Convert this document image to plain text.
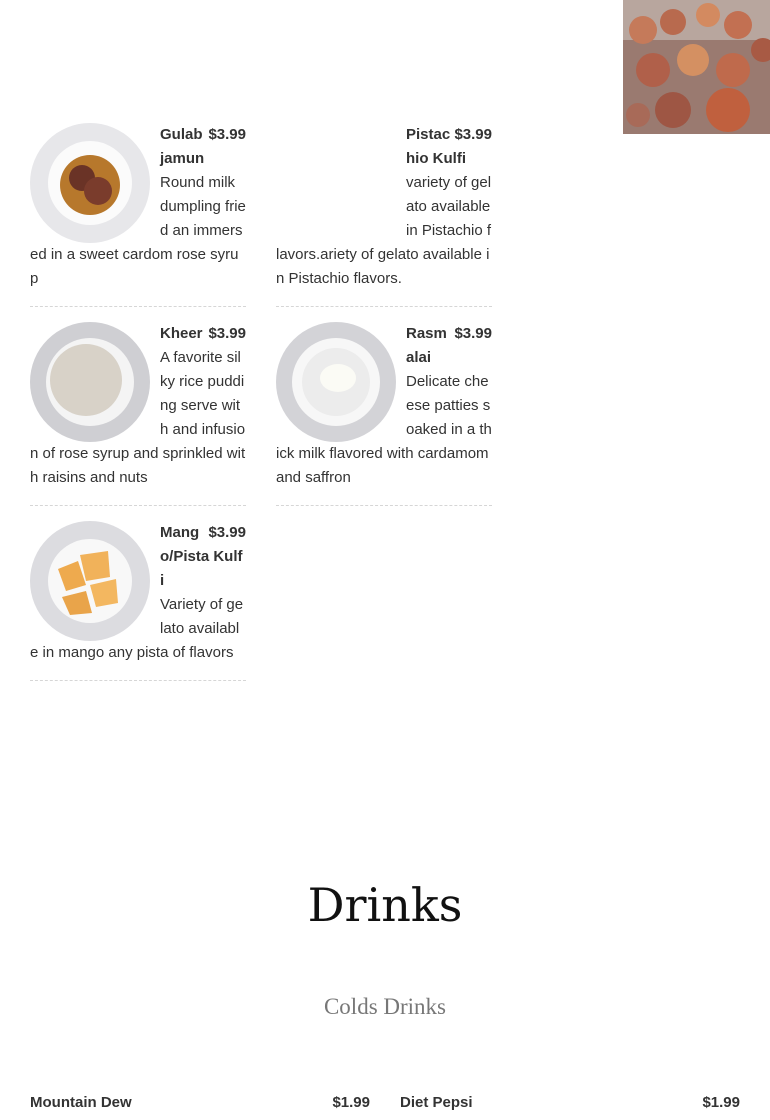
$3.99
Gulab jamun
Round milk dumpling fried an immersed in a sweet cardom rose syrup
$3.99
Kheer
A favorite silky rice pudding serve with and infusion of rose syrup and sprinkled with raisins and nuts
$3.99
Mango/Pista Kulfi
Variety of gelato available in mango any pista of flavors
$3.99
Pistachio Kulfi
variety of gelato available in Pistachio flavors.ariety of gelato available in Pistachio flavors.
$3.99
Rasmalai
Delicate cheese patties soaked in a thick milk flavored with cardamom and saffron
Drinks
Colds Drinks
Mountain Dew	$1.99 Diet Pepsi	$1.99
